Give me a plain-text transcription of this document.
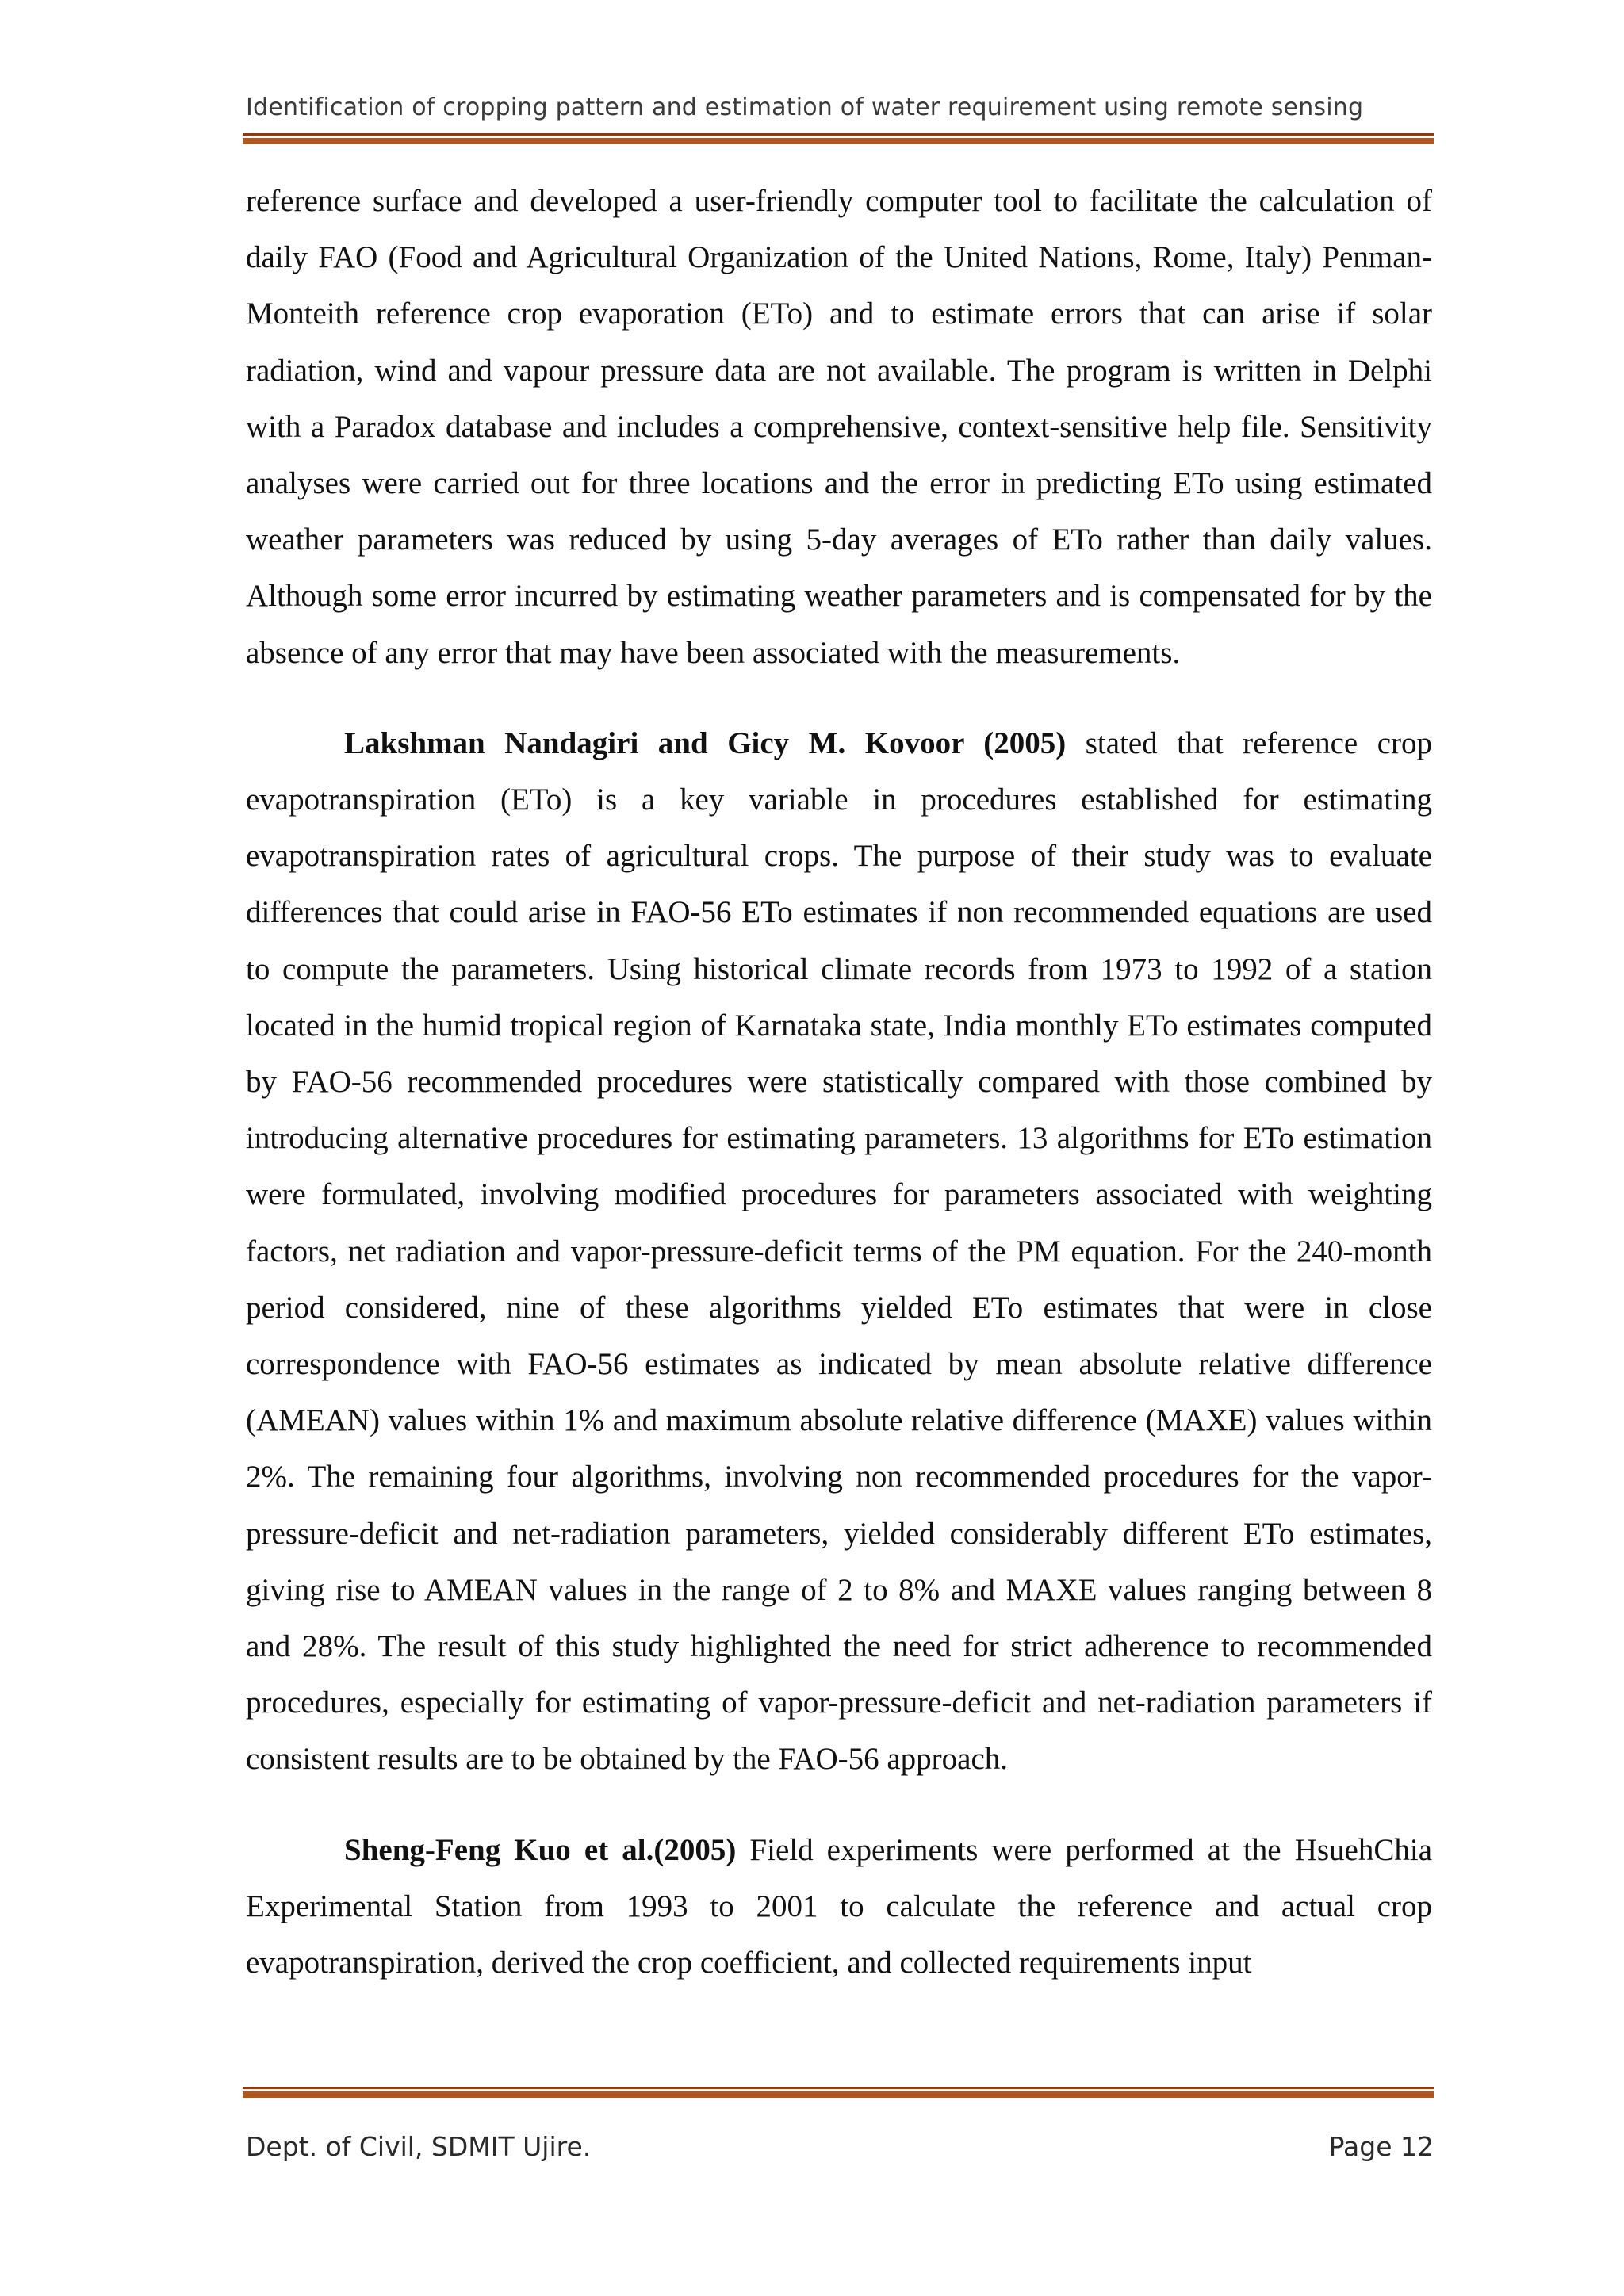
Identification of cropping pattern and estimation of water requirement using remote sensing

reference surface and developed a user-friendly computer tool to facilitate the calculation of daily FAO (Food and Agricultural Organization of the United Nations, Rome, Italy) Penman-Monteith reference crop evaporation (ETo) and to estimate errors that can arise if solar radiation, wind and vapour pressure data are not available. The program is written in Delphi with a Paradox database and includes a comprehensive, context-sensitive help file. Sensitivity analyses were carried out for three locations and the error in predicting ETo using estimated weather parameters was reduced by using 5-day averages of ETo rather than daily values. Although some error incurred by estimating weather parameters and is compensated for by the absence of any error that may have been associated with the measurements.

Lakshman Nandagiri and Gicy M. Kovoor (2005) stated that reference crop evapotranspiration (ETo) is a key variable in procedures established for estimating evapotranspiration rates of agricultural crops. The purpose of their study was to evaluate differences that could arise in FAO-56 ETo estimates if non recommended equations are used to compute the parameters. Using historical climate records from 1973 to 1992 of a station located in the humid tropical region of Karnataka state, India monthly ETo estimates computed by FAO-56 recommended procedures were statistically compared with those combined by introducing alternative procedures for estimating parameters. 13 algorithms for ETo estimation were formulated, involving modified procedures for parameters associated with weighting factors, net radiation and vapor-pressure-deficit terms of the PM equation. For the 240-month period considered, nine of these algorithms yielded ETo estimates that were in close correspondence with FAO-56 estimates as indicated by mean absolute relative difference (AMEAN) values within 1% and maximum absolute relative difference (MAXE) values within 2%. The remaining four algorithms, involving non recommended procedures for the vapor-pressure-deficit and net-radiation parameters, yielded considerably different ETo estimates, giving rise to AMEAN values in the range of 2 to 8% and MAXE values ranging between 8 and 28%. The result of this study highlighted the need for strict adherence to recommended procedures, especially for estimating of vapor-pressure-deficit and net-radiation parameters if consistent results are to be obtained by the FAO-56 approach.

Sheng-Feng Kuo et al.(2005) Field experiments were performed at the HsuehChia Experimental Station from 1993 to 2001 to calculate the reference and actual crop evapotranspiration, derived the crop coefficient, and collected requirements input

Dept. of Civil, SDMIT Ujire.	Page 12
